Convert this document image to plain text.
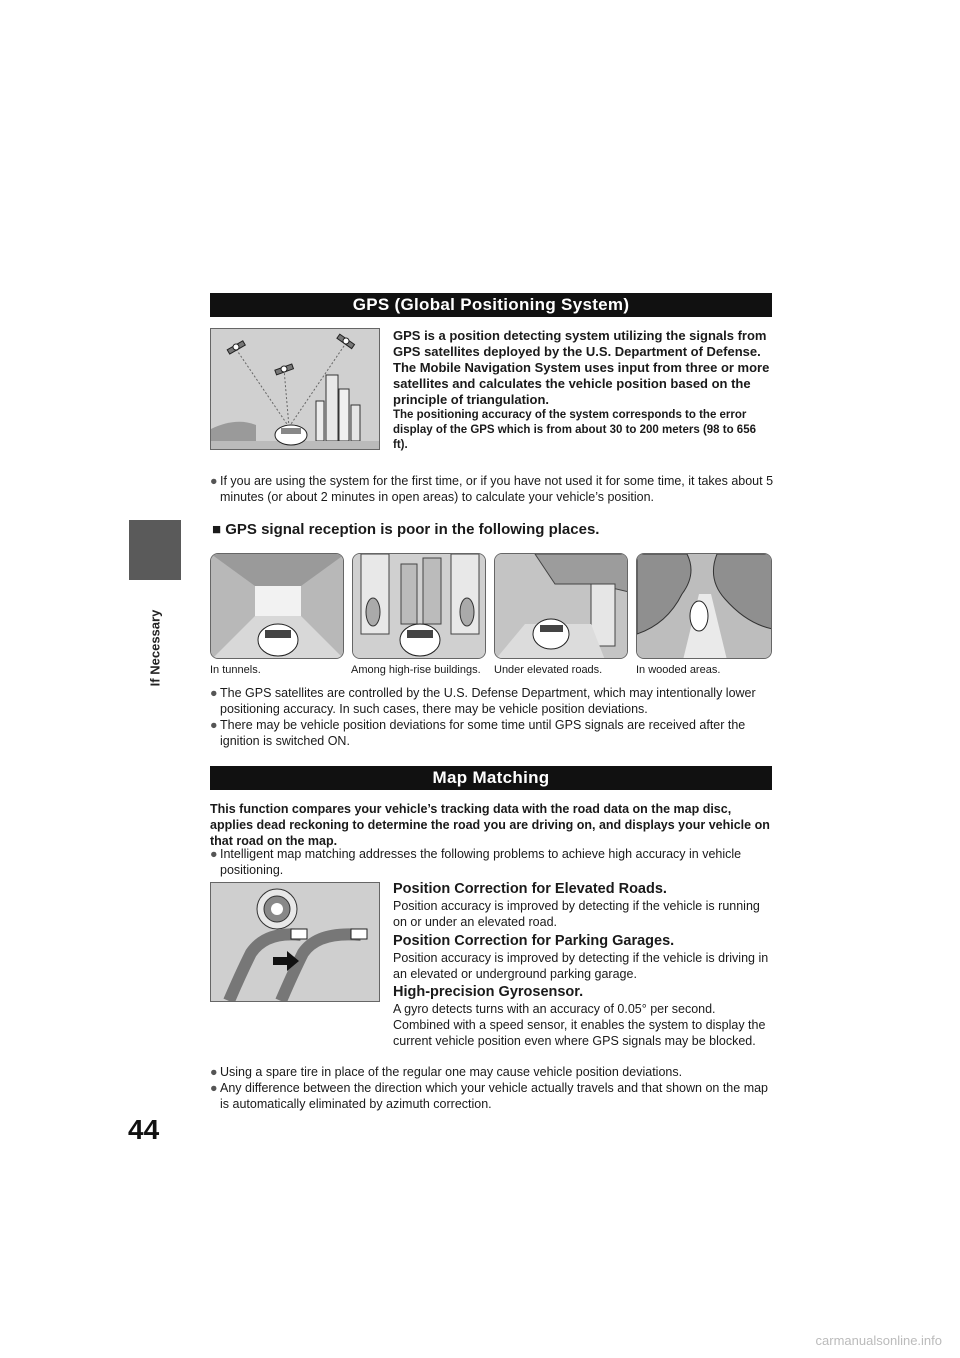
If Necessary
44
GPS (Global Positioning System)
GPS is a position detecting system utilizing the signals from GPS satellites deployed by the U.S. Department of Defense. The Mobile Navigation System uses input from three or more satellites and calculates the vehicle position based on the principle of triangulation.
The positioning accuracy of the system corresponds to the error display of the GPS which is from about 30 to 200 meters (98 to 656 ft).
● If you are using the system for the first time, or if you have not used it for some time, it takes about 5 minutes (or about 2 minutes in open areas) to calculate your vehicle’s position.
■ GPS signal reception is poor in the following places.
In tunnels.	Among high-rise buildings. Under elevated roads.	In wooded areas.
● The GPS satellites are controlled by the U.S. Defense Department, which may intentionally lower positioning accuracy. In such cases, there may be vehicle position deviations.
● There may be vehicle position deviations for some time until GPS signals are received after the ignition is switched ON.
Map Matching
This function compares your vehicle’s tracking data with the road data on the map disc, applies dead reckoning to determine the road you are driving on, and displays your vehicle on that road on the map.
● Intelligent map matching addresses the following problems to achieve high accuracy in vehicle positioning.
Position Correction for Elevated Roads.

Position accuracy is improved by detecting if the vehicle is running on or under an elevated road.

Position Correction for Parking Garages.

Position accuracy is improved by detecting if the vehicle is driving in an elevated or underground parking garage.

High-precision Gyrosensor.

A gyro detects turns with an accuracy of 0.05° per second. Combined with a speed sensor, it enables the system to display the current vehicle position even where GPS signals may be blocked.

● Using a spare tire in place of the regular one may cause vehicle position deviations.
● Any difference between the direction which your vehicle actually travels and that shown on the map is automatically eliminated by azimuth correction.
carmanualsonline.info
